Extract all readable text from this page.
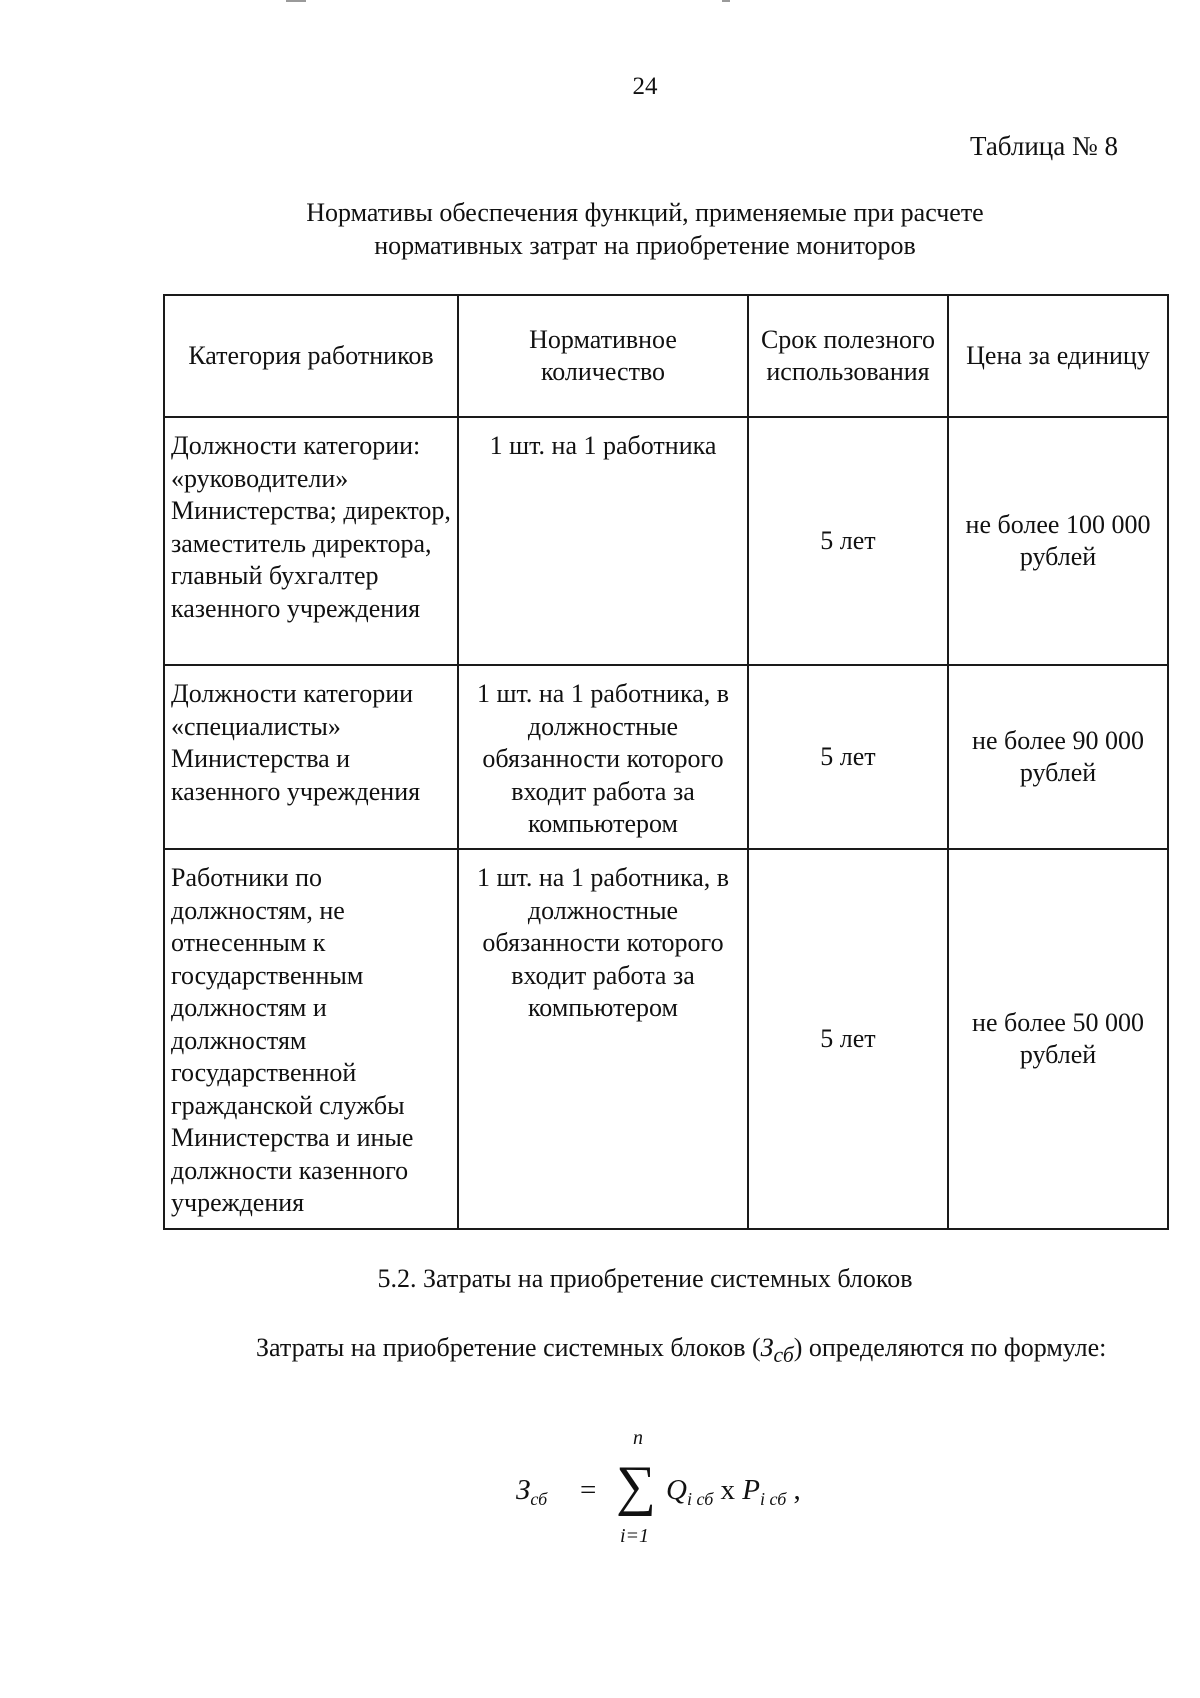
24
Таблица № 8
Нормативы обеспечения функций, применяемые при расчете
нормативных затрат на приобретение мониторов
Категория работников	Нормативное количество	Срок полезного использования	Цена за единицу
Должности категории: «руководители» Министерства; директор, заместитель директора, главный бухгалтер казенного учреждения	1 шт. на 1 работника	5 лет	не более 100 000 рублей
Должности категории «специалисты» Министерства и казенного учреждения	1 шт. на 1 работника, в должностные обязанности которого входит работа за компьютером	5 лет	не более 90 000 рублей
Работники по должностям, не отнесенным к государственным должностям и должностям государственной гражданской службы Министерства и иные должности казенного учреждения	1 шт. на 1 работника, в должностные обязанности которого входит работа за компьютером	5 лет	не более 50 000 рублей
5.2. Затраты на приобретение системных блоков
Затраты на приобретение системных блоков $(З_{сб})$ определяются по формуле:
$З_{сб}$ =
n
∑
i=1
$Q_{i сб}$ x $P_{i сб}$ ,
